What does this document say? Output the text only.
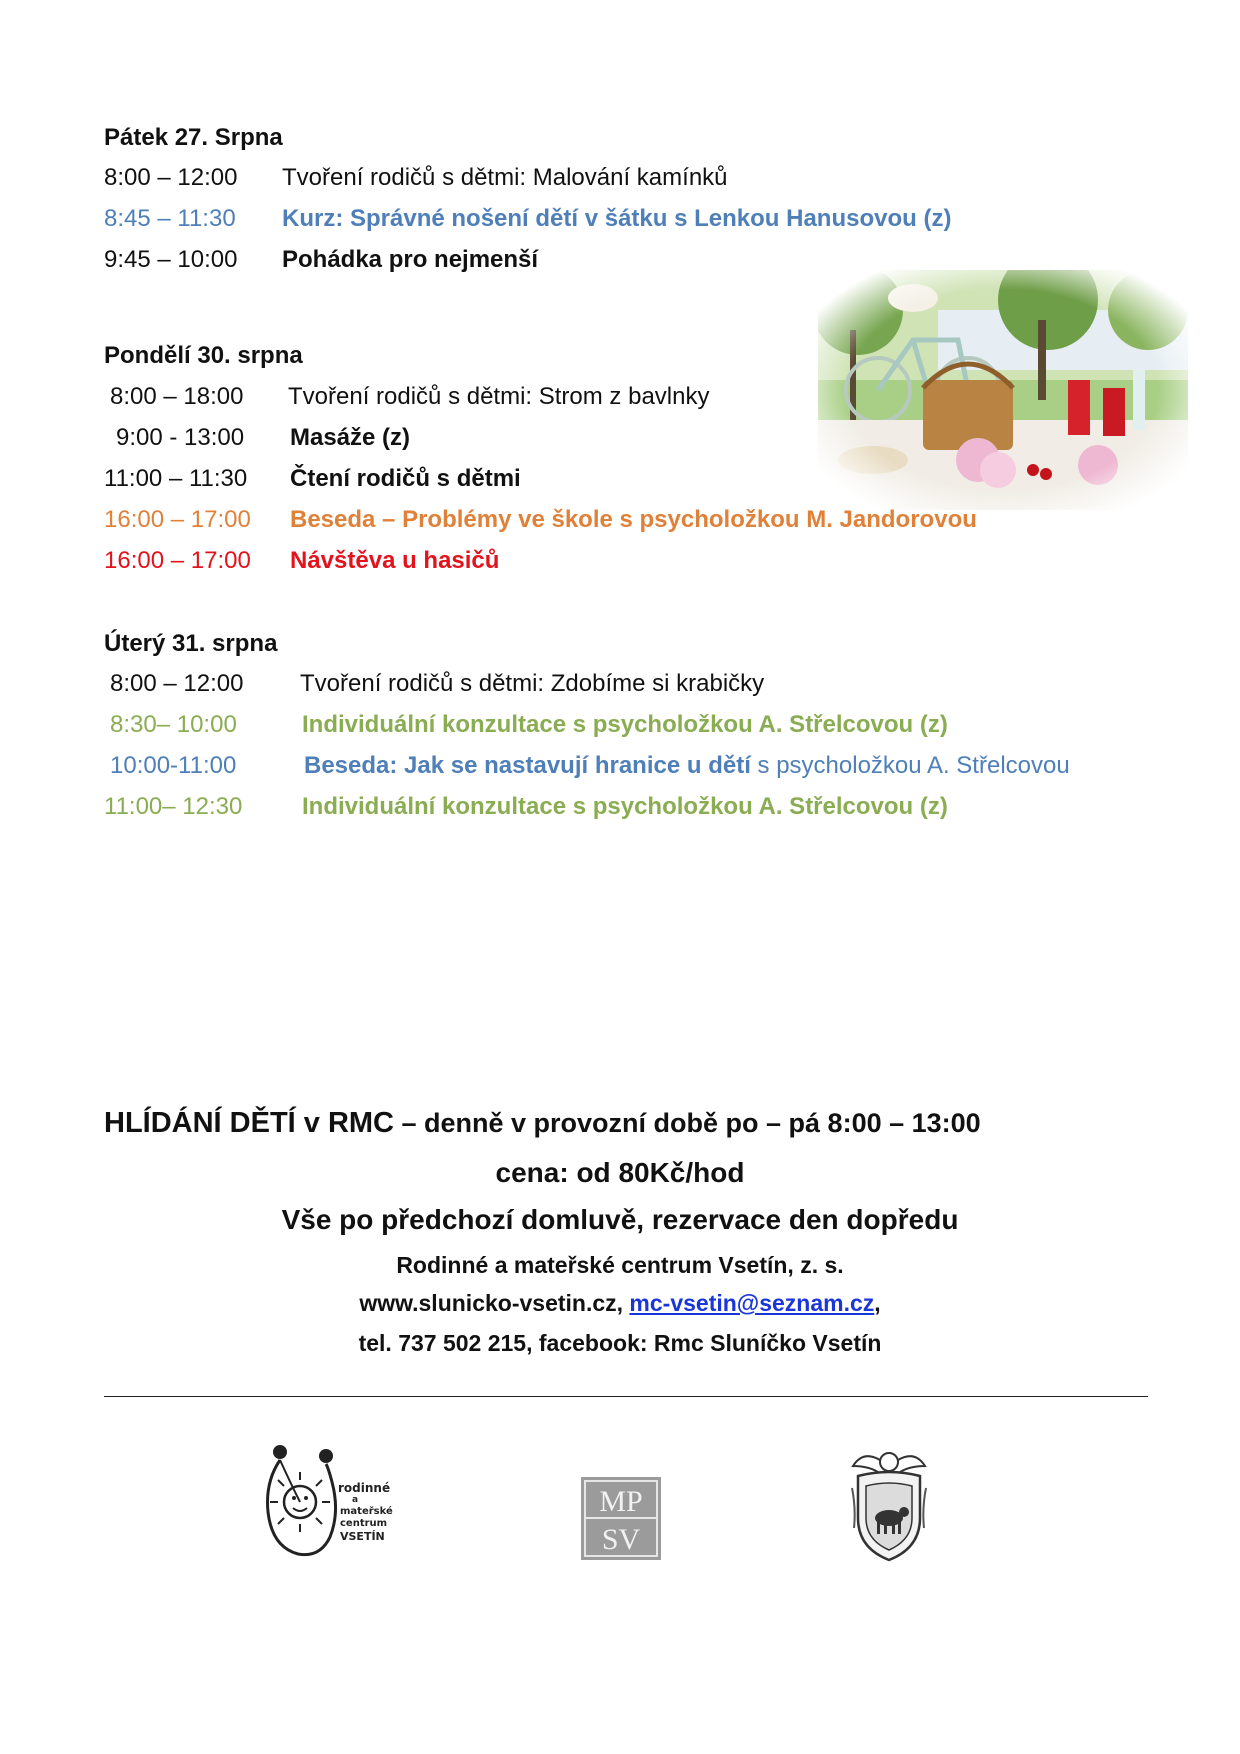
Pátek 27. Srpna
8:00 – 12:00 Tvoření rodičů s dětmi: Malování kamínků
8:45 – 11:30 Kurz: Správné nošení dětí v šátku s Lenkou Hanusovou (z)
9:45 – 10:00 Pohádka pro nejmenší
Pondělí 30. srpna
8:00 – 18:00 Tvoření rodičů s dětmi: Strom z bavlnky
9:00 - 13:00 Masáže (z)
11:00 – 11:30 Čtení rodičů s dětmi
16:00 – 17:00 Beseda – Problémy ve škole s psycholožkou M. Jandorovou
16:00 – 17:00 Návštěva u hasičů
Úterý 31. srpna
8:00 – 12:00 Tvoření rodičů s dětmi: Zdobíme si krabičky
8:30– 10:00	Individuální konzultace s psycholožkou A. Střelcovou (z)
10:00-11:00	Beseda: Jak se nastavují hranice u dětí s psycholožkou A. Střelcovou
11:00– 12:30 Individuální konzultace s psycholožkou A. Střelcovou (z)
HLÍDÁNÍ DĚTÍ v RMC – denně v provozní době po – pá 8:00 – 13:00
cena: od 80Kč/hod
Vše po předchozí domluvě, rezervace den dopředu
Rodinné a mateřské centrum Vsetín, z. s.
www.slunicko-vsetin.cz, mc-vsetin@seznam.cz,
tel. 737 502 215, facebook: Rmc Sluníčko Vsetín
rodinné
a
mateřské
centrum
VSETÍN
MP
SV
